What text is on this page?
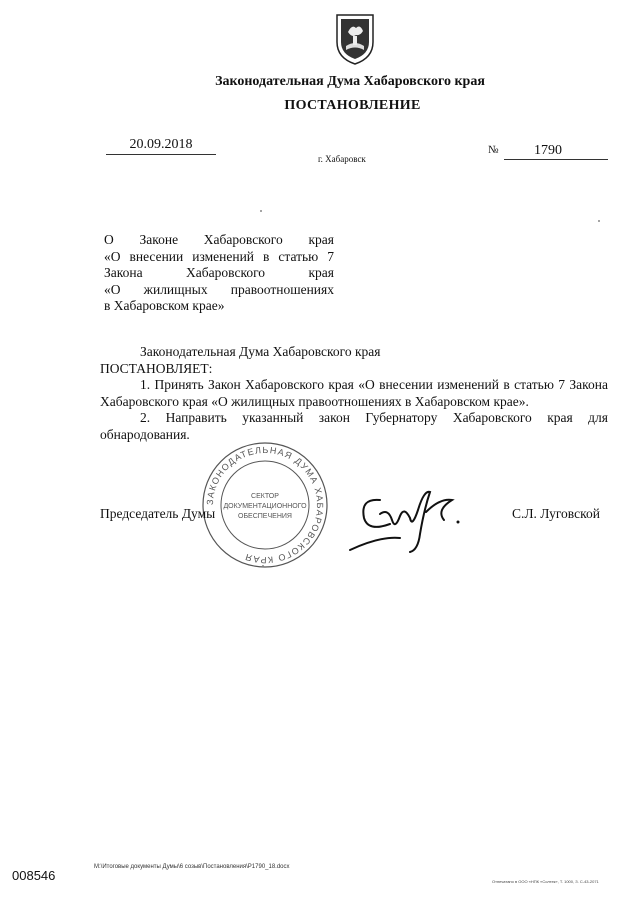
Законодательная Дума Хабаровского края
ПОСТАНОВЛЕНИЕ
20.09.2018
г. Хабаровск
№	1790
О Законе Хабаровского края
«О внесении изменений в статью 7
Закона Хабаровского края
«О жилищных правоотношениях
в Хабаровском крае»

Законодательная Дума Хабаровского края

ПОСТАНОВЛЯЕТ:

1. Принять Закон Хабаровского края «О внесении изменений в статью 7 Закона Хабаровского края «О жилищных правоотношениях в Хабаровском крае».

2. Направить указанный закон Губернатору Хабаровского края для обнародования.

ЗАКОНОДАТЕЛЬНАЯ ДУМА ХАБАРОВСКОГО КРАЯ
СЕКТОР
ДОКУМЕНТАЦИОННОГО
ОБЕСПЕЧЕНИЯ
Председатель Думы	С.Л. Луговской
008546
M:\Итоговые документы Думы\6 созыв\Постановления\Р1790_18.docx
Отпечатано в ООО «НПК «Солтек», Т. 1000, З. С-43-2071
